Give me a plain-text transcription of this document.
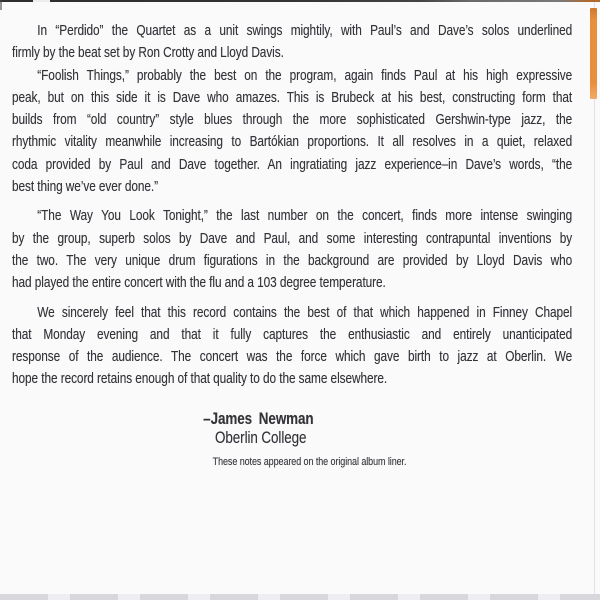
In “Perdido” the Quartet as a unit swings mightily, with Paul’s and Dave’s solos underlined
firmly by the beat set by Ron Crotty and Lloyd Davis.
“Foolish Things,” probably the best on the program, again finds Paul at his high expressive
peak, but on this side it is Dave who amazes. This is Brubeck at his best, constructing form that
builds from “old country” style blues through the more sophisticated Gershwin-type jazz, the
rhythmic vitality meanwhile increasing to Bartókian proportions. It all resolves in a quiet, relaxed
coda provided by Paul and Dave together. An ingratiating jazz experience–in Dave’s words, “the
best thing we’ve ever done.”
“The Way You Look Tonight,” the last number on the concert, finds more intense swinging
by the group, superb solos by Dave and Paul, and some interesting contrapuntal inventions by
the two. The very unique drum figurations in the background are provided by Lloyd Davis who
had played the entire concert with the flu and a 103 degree temperature.
We sincerely feel that this record contains the best of that which happened in Finney Chapel
that Monday evening and that it fully captures the enthusiastic and entirely unanticipated
response of the audience. The concert was the force which gave birth to jazz at Oberlin. We
hope the record retains enough of that quality to do the same elsewhere.
–James Newman
Oberlin College
These notes appeared on the original album liner.
